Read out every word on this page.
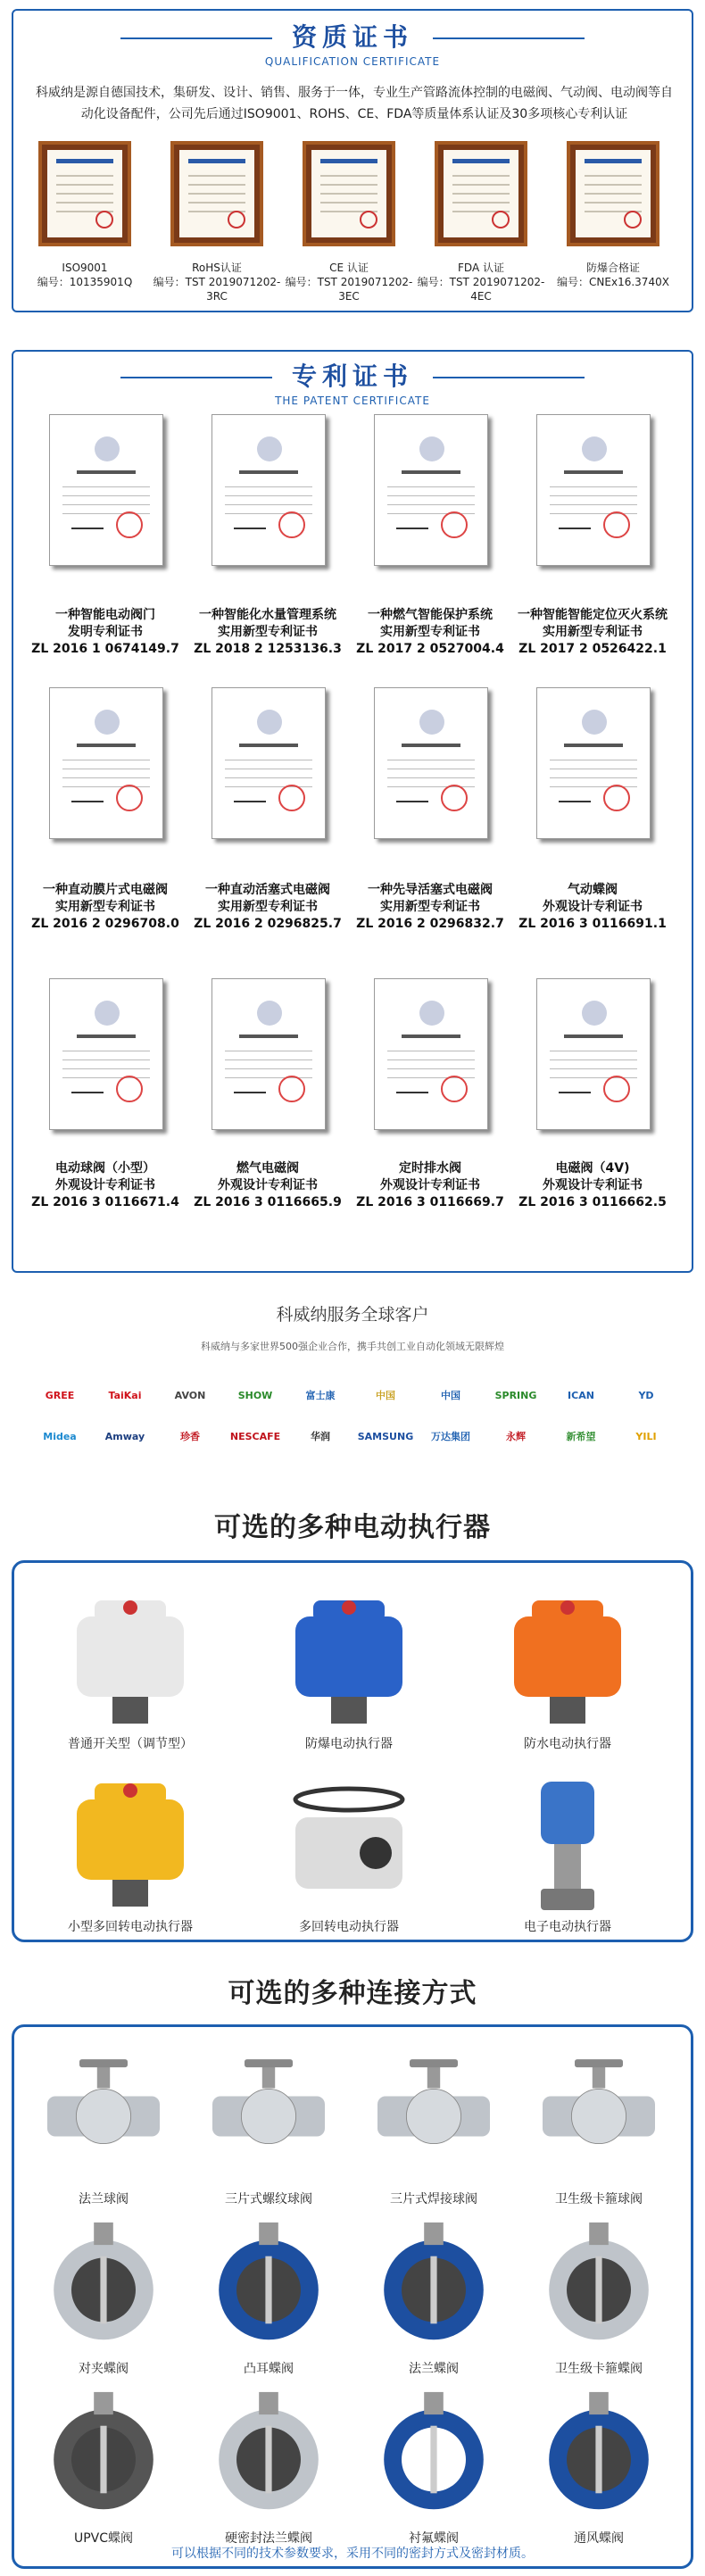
资质证书
QUALIFICATION CERTIFICATE
科威纳是源自德国技术，集研发、设计、销售、服务于一体，专业生产管路流体控制的电磁阀、气动阀、电动阀等自动化设备配件，公司先后通过ISO9001、ROHS、CE、FDA等质量体系认证及30多项核心专利认证
ISO9001
编号：10135901Q
RoHS认证
编号：TST 2019071202-3RC
CE 认证
编号：TST 2019071202-3EC
FDA 认证
编号：TST 2019071202-4EC
防爆合格证
编号：CNEx16.3740X
专利证书
THE PATENT CERTIFICATE
一种智能电动阀门
发明专利证书
ZL 2016 1 0674149.7
一种智能化水量管理系统
实用新型专利证书
ZL 2018 2 1253136.3
一种燃气智能保护系统
实用新型专利证书
ZL 2017 2 0527004.4
一种智能智能定位灭火系统
实用新型专利证书
ZL 2017 2 0526422.1
一种直动膜片式电磁阀
实用新型专利证书
ZL 2016 2 0296708.0
一种直动活塞式电磁阀
实用新型专利证书
ZL 2016 2 0296825.7
一种先导活塞式电磁阀
实用新型专利证书
ZL 2016 2 0296832.7
气动蝶阀
外观设计专利证书
ZL 2016 3 0116691.1
电动球阀（小型）
外观设计专利证书
ZL 2016 3 0116671.4
燃气电磁阀
外观设计专利证书
ZL 2016 3 0116665.9
定时排水阀
外观设计专利证书
ZL 2016 3 0116669.7
电磁阀（4V)
外观设计专利证书
ZL 2016 3 0116662.5
科威纳服务全球客户
科威纳与多家世界500强企业合作，携手共创工业自动化领域无限辉煌
GREE	TaiKai	AVON	SHOW	富士康	中国	中国	SPRING	ICAN	YD
Midea	Amway	珍香	NESCAFE	华润	SAMSUNG	万达集团	永辉	新希望	YILI
可选的多种电动执行器
普通开关型（调节型）	防爆电动执行器	防水电动执行器
小型多回转电动执行器	多回转电动执行器	电子电动执行器
可选的多种连接方式
法兰球阀	三片式螺纹球阀	三片式焊接球阀	卫生级卡箍球阀
对夹蝶阀	凸耳蝶阀	法兰蝶阀	卫生级卡箍蝶阀
UPVC蝶阀	硬密封法兰蝶阀	衬氟蝶阀	通风蝶阀
可以根据不同的技术参数要求，采用不同的密封方式及密封材质。
